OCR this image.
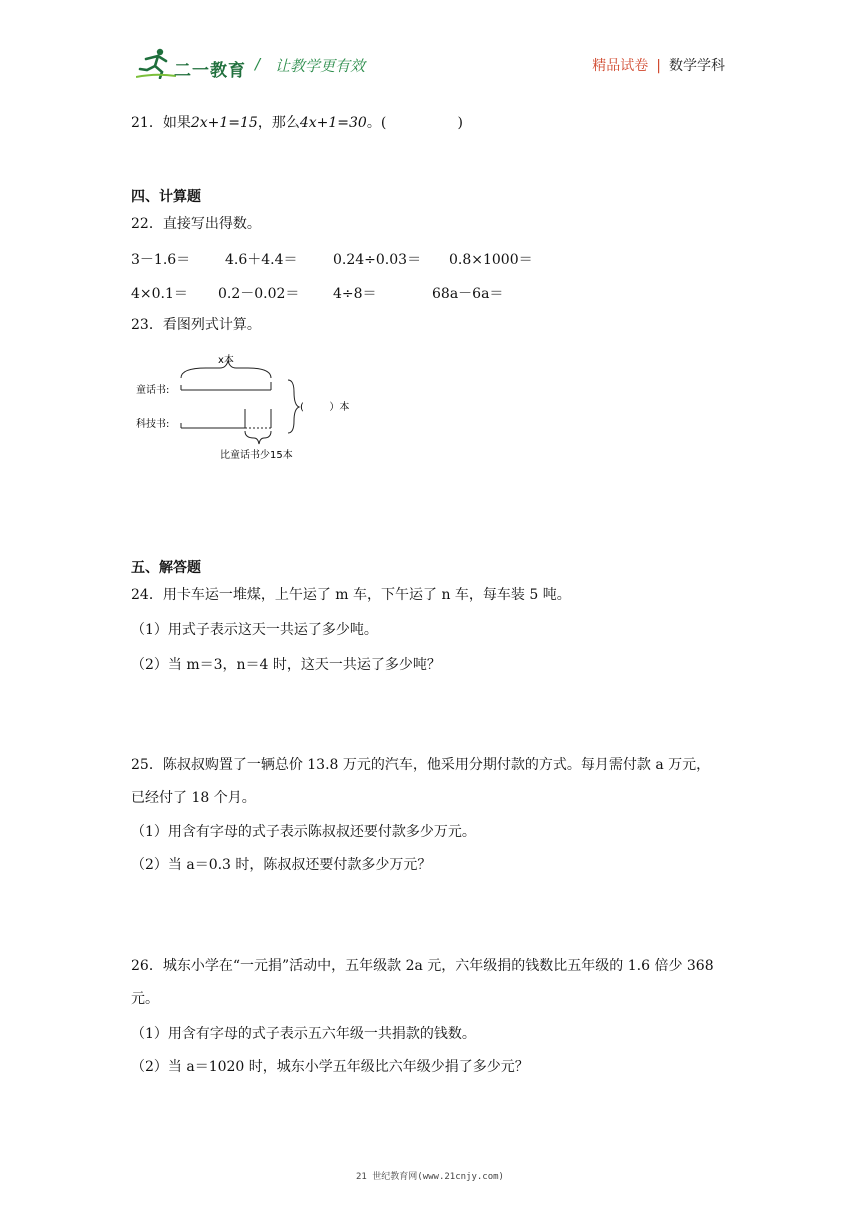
二一教育 / 让教学更有效	精品试卷 | 数学学科
21．如果2x+1=15，那么4x+1=30。(                )
四、计算题
22．直接写出得数。
3－1.6＝ 4.6＋4.4＝	0.24÷0.03＝ 0.8×1000＝
4×0.1＝ 0.2－0.02＝ 4÷8＝	68a－6a＝
23．看图列式计算。
x本
童话书:
科技书:
比童话书少15本
(        ）本
五、解答题
24．用卡车运一堆煤，上午运了 m 车，下午运了 n 车，每车装 5 吨。
（1）用式子表示这天一共运了多少吨。
（2）当 m＝3，n＝4 时，这天一共运了多少吨？
25．陈叔叔购置了一辆总价 13.8 万元的汽车，他采用分期付款的方式。每月需付款 a 万元，
已经付了 18 个月。
（1）用含有字母的式子表示陈叔叔还要付款多少万元。
（2）当 a＝0.3 时，陈叔叔还要付款多少万元？
26．城东小学在“一元捐”活动中，五年级款 2a 元，六年级捐的钱数比五年级的 1.6 倍少 368
元。
（1）用含有字母的式子表示五六年级一共捐款的钱数。
（2）当 a＝1020 时，城东小学五年级比六年级少捐了多少元？
21 世纪教育网(www.21cnjy.com)
